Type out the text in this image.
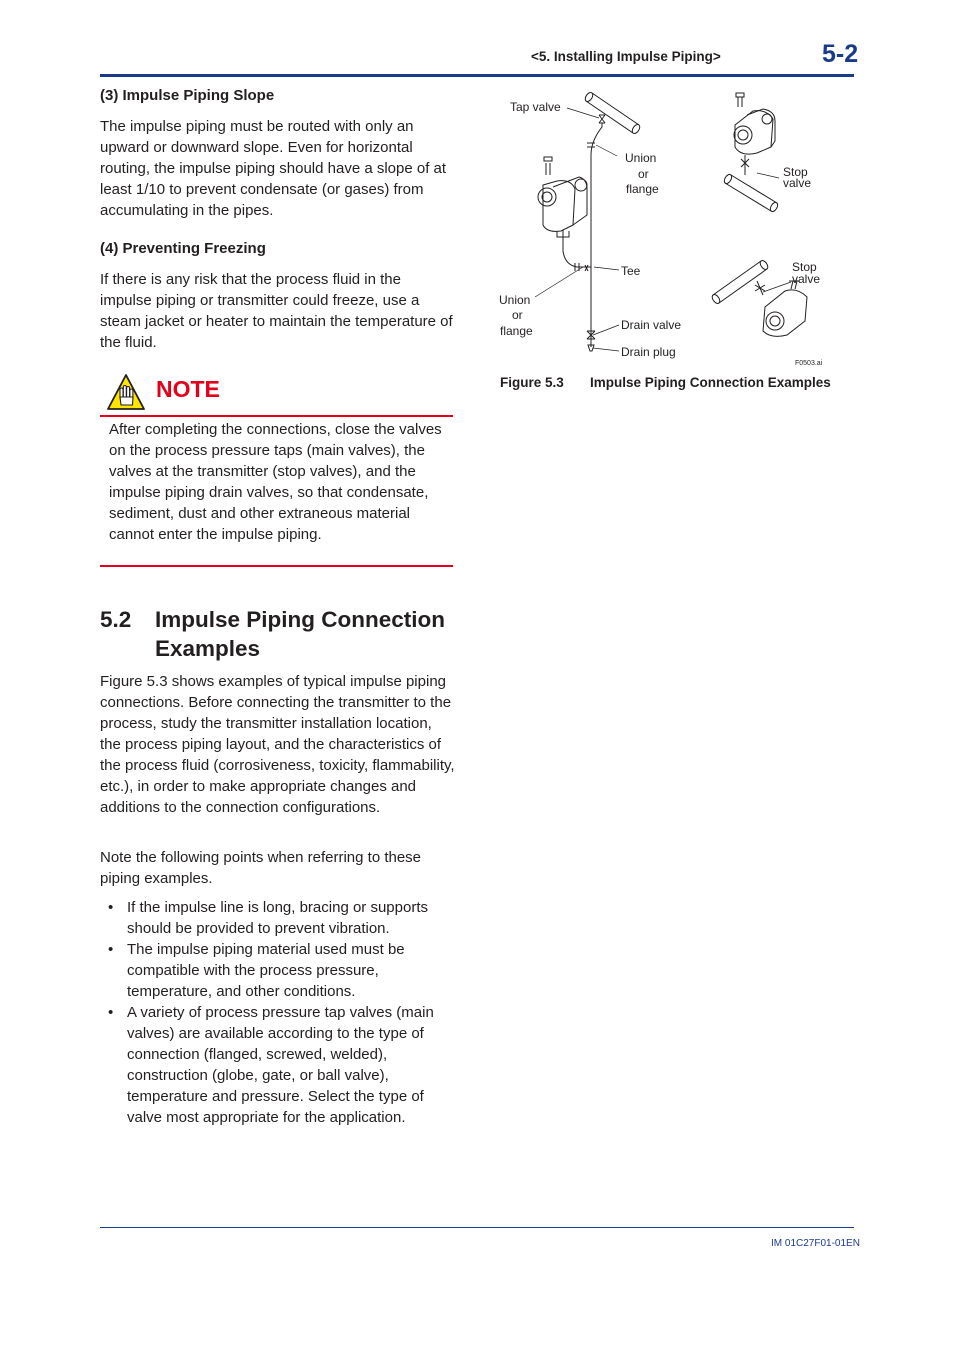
<5. Installing Impulse Piping>	5-2
(3) Impulse Piping Slope
The impulse piping must be routed with only an upward or downward slope. Even for horizontal routing, the impulse piping should have a slope of at least 1/10 to prevent condensate (or gases) from accumulating in the pipes.
(4) Preventing Freezing
If there is any risk that the process fluid in the impulse piping or transmitter could freeze, use a steam jacket or heater to maintain the temperature of the fluid.
NOTE
After completing the connections, close the valves on the process pressure taps (main valves), the valves at the transmitter (stop valves), and the impulse piping drain valves, so that condensate, sediment, dust and other extraneous material cannot enter the impulse piping.
5.2 Impulse Piping Connection
Examples
Figure 5.3 shows examples of typical impulse piping connections. Before connecting the transmitter to the process, study the transmitter installation location, the process piping layout, and the characteristics of the process fluid (corrosiveness, toxicity, flammability, etc.), in order to make appropriate changes and additions to the connection configurations.
Note the following points when referring to these piping examples.
• If the impulse line is long, bracing or supports should be provided to prevent vibration.
• The impulse piping material used must be compatible with the process pressure, temperature, and other conditions.
• A variety of process pressure tap valves (main valves) are available according to the type of connection (flanged, screwed, welded), construction (globe, gate, or ball valve), temperature and pressure. Select the type of valve most appropriate for the application.
Tap valve
Union
or
flange
Tee
Union
or
flange	Drain valve
Drain plug
Stop
valve
Stop
valve
F0503.ai
Figure 5.3 Impulse Piping Connection Examples
IM 01C27F01-01EN
